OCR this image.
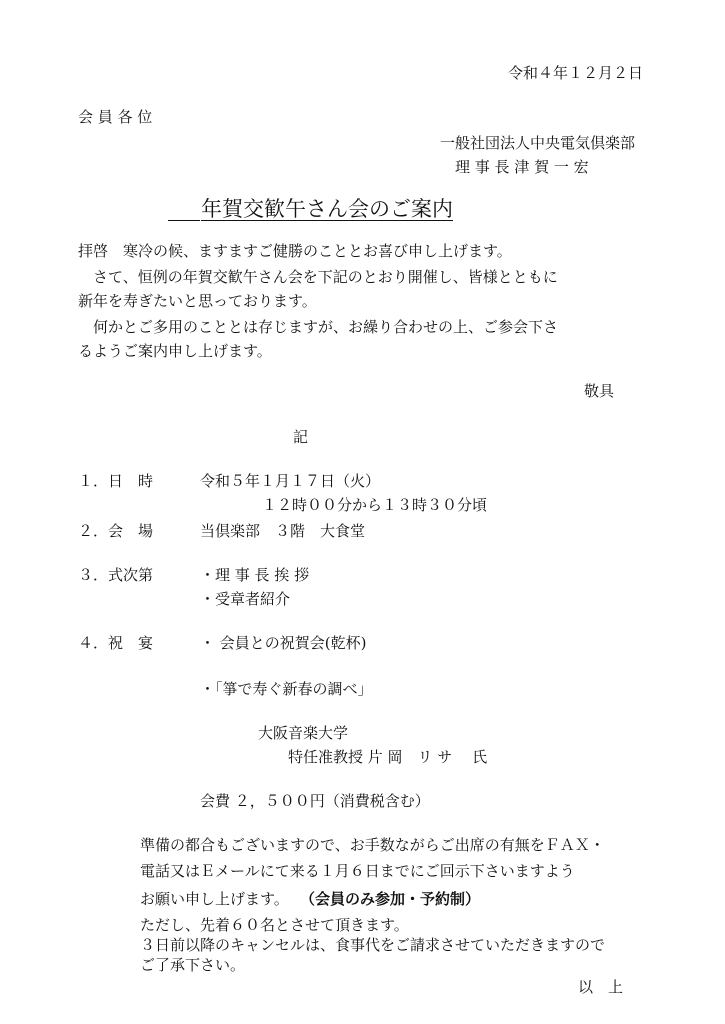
令和４年１２月２日
会 員 各 位
一般社団法人中央電気倶楽部
理 事 長 津 賀 一 宏
年賀交歓午さん会のご案内
拝啓　寒冷の候、ますますご健勝のこととお喜び申し上げます。
　さて、恒例の年賀交歓午さん会を下記のとおり開催し、皆様とともに
新年を寿ぎたいと思っております。
　何かとご多用のこととは存じますが、お繰り合わせの上、ご参会下さ
るようご案内申し上げます。
敬具
記
１．日　時	令和５年１月１７日（火）
１２時００分から１３時３０分頃
２．会　場	当倶楽部　３階　大食堂
３．式次第	・理 事 長 挨 拶
・受章者紹介
４．祝　宴	・ 会員との祝賀会(乾杯)
・「箏で寿ぐ新春の調べ」
大阪音楽大学
特任准教授 片 岡　リ サ　 氏
会費 ２，５００円（消費税含む）
準備の都合もございますので、お手数ながらご出席の有無をＦＡＸ・
電話又はＥメールにて来る１月６日までにご回示下さいますよう
お願い申し上げます。 （会員のみ参加・予約制）
ただし、先着６０名とさせて頂きます。
３日前以降のキャンセルは、食事代をご請求させていただきますので
ご了承下さい。
以　上
